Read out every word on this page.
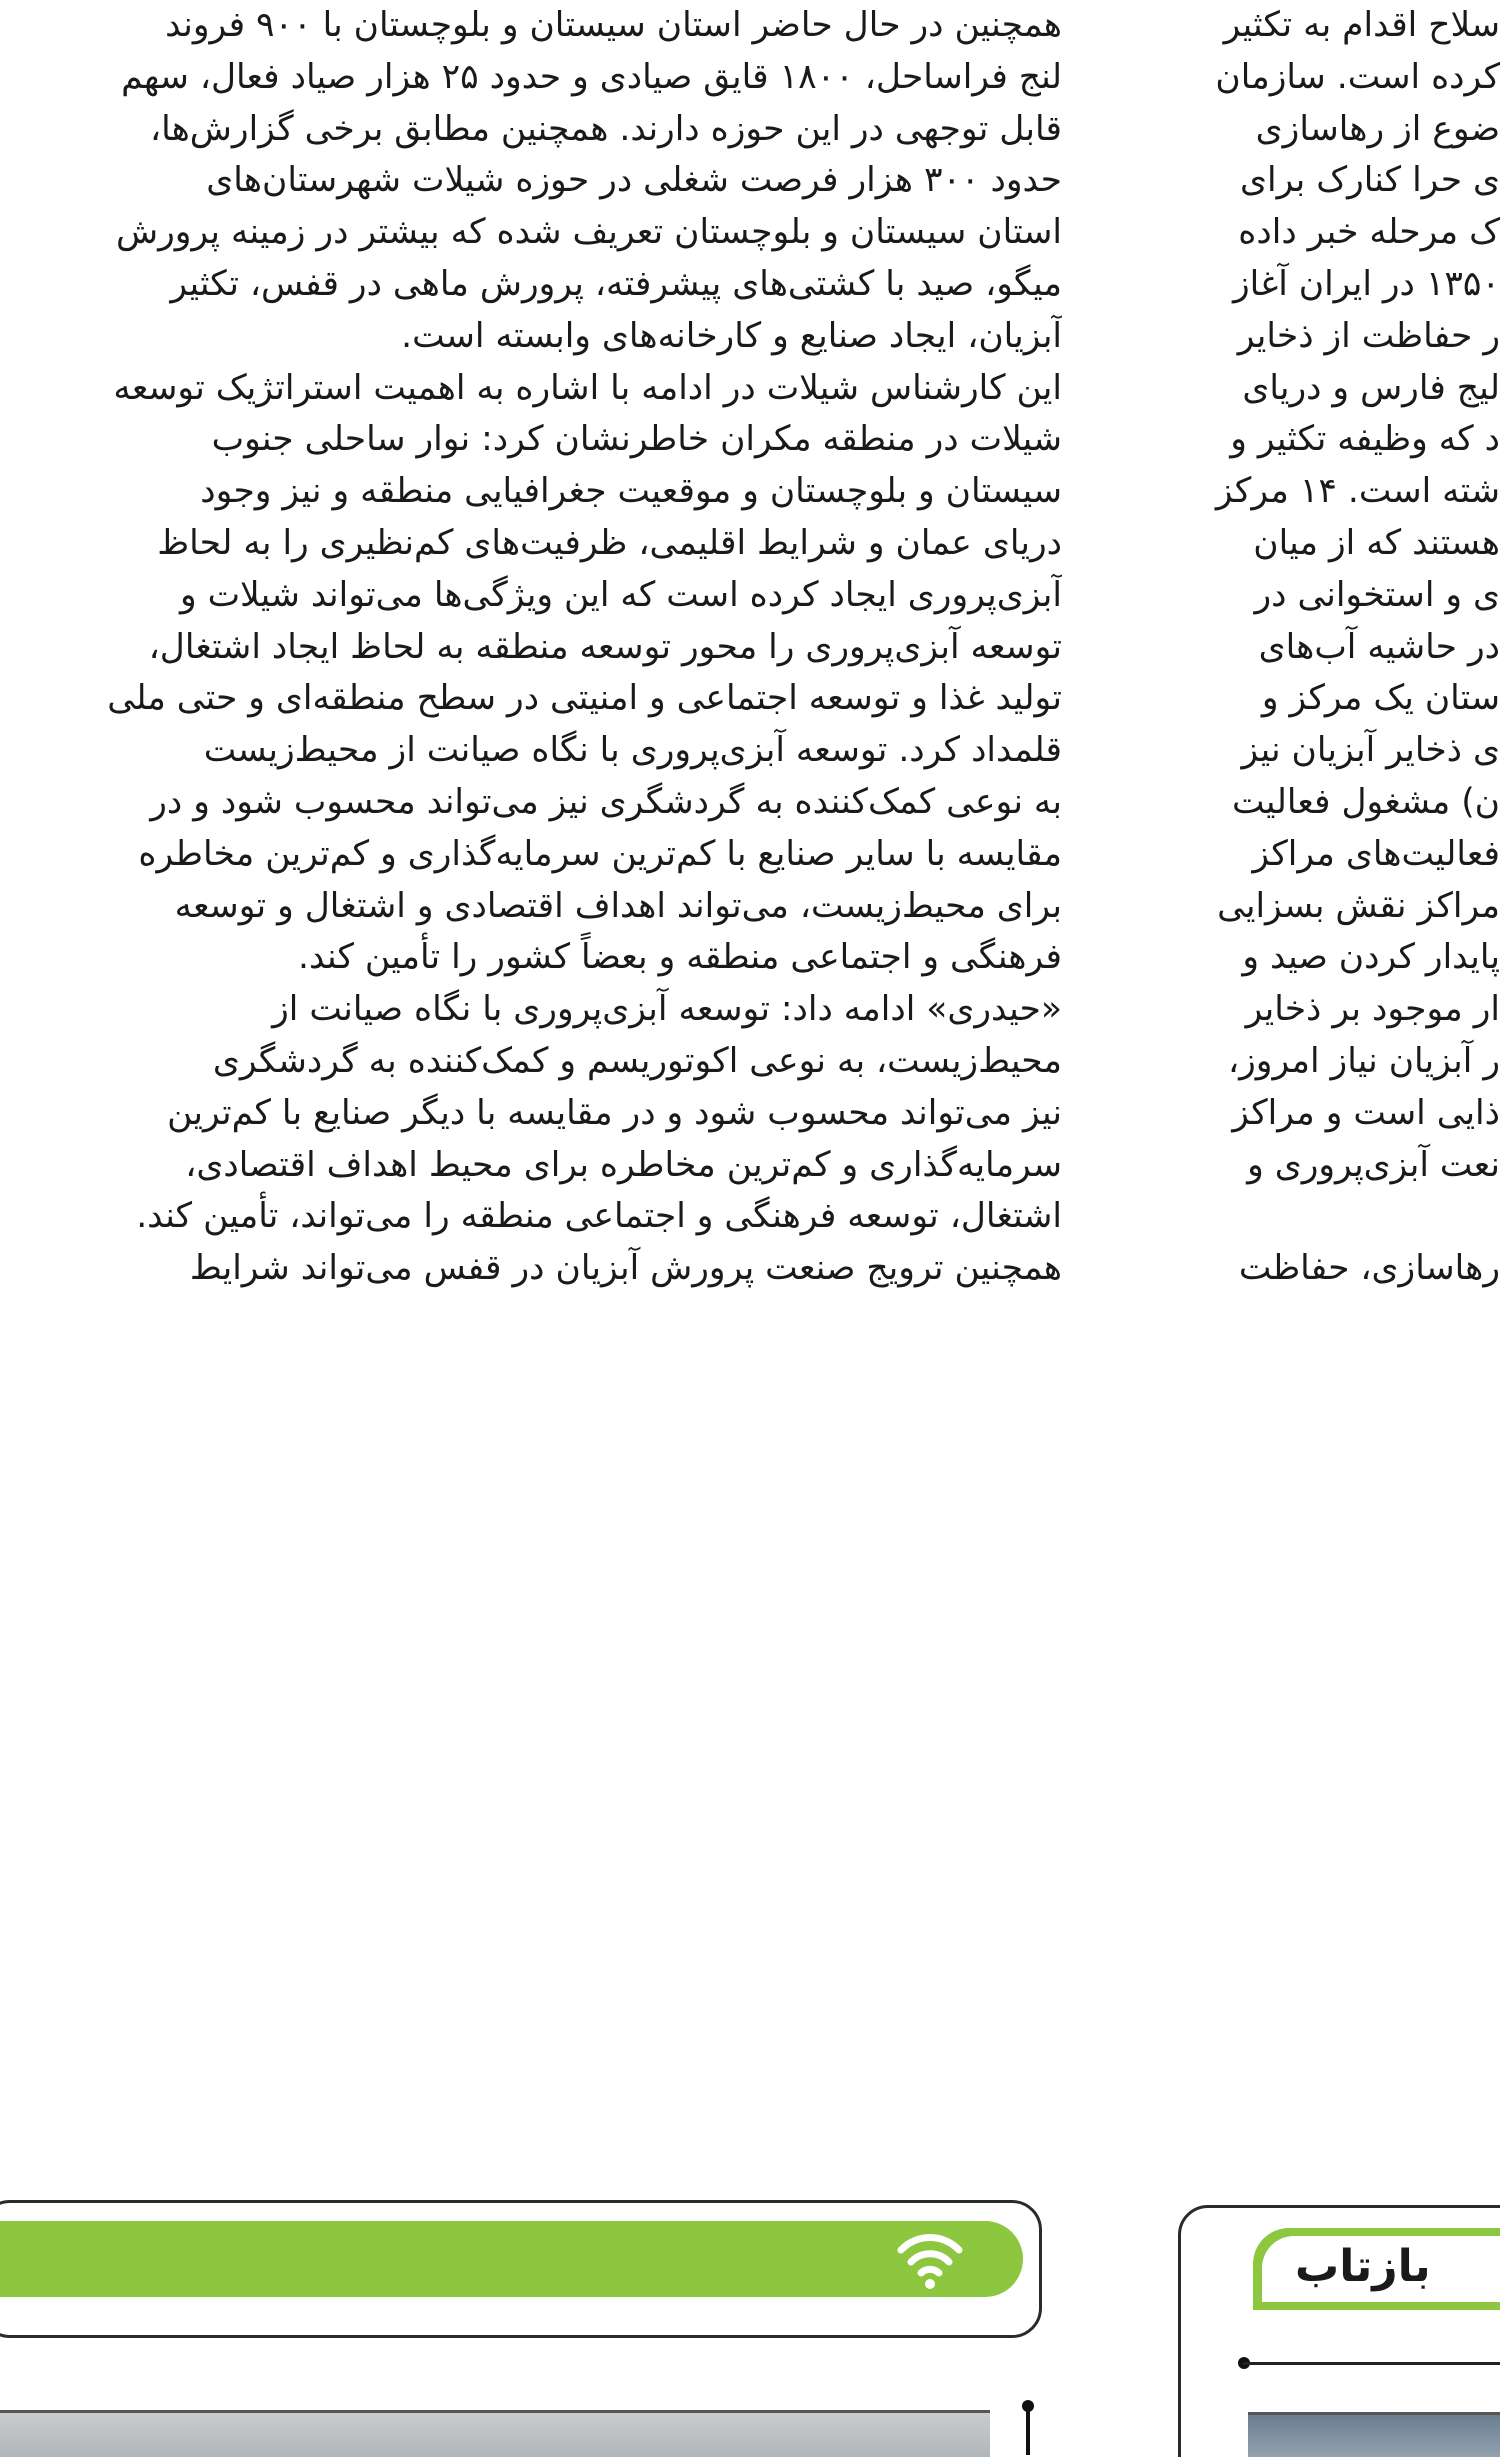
همچنین در حال حاضر استان سیستان و بلوچستان با ۹۰۰ فروند
لنج فراساحل، ۱۸۰۰ قایق صیادی و حدود ۲۵ هزار صیاد فعال، سهم
قابل توجهی در این حوزه دارند. همچنین مطابق برخی گزارش‌ها،
حدود ۳۰۰ هزار فرصت شغلی در حوزه شیلات شهرستان‌های
استان سیستان و بلوچستان تعریف شده که بیشتر در زمینه پرورش
میگو، صید با کشتی‌های پیشرفته، پرورش ماهی در قفس، تکثیر
آبزیان، ایجاد صنایع و کارخانه‌های وابسته است.
این کارشناس شیلات در ادامه با اشاره به اهمیت استراتژیک توسعه
شیلات در منطقه مکران خاطرنشان کرد: نوار ساحلی جنوب
سیستان و بلوچستان و موقعیت جغرافیایی منطقه و نیز وجود
دریای عمان و شرایط اقلیمی، ظرفیت‌های کم‌نظیری را به لحاظ
آبزی‌پروری ایجاد کرده است که این ویژگی‌ها می‌تواند شیلات و
توسعه آبزی‌پروری را محور توسعه منطقه به لحاظ ایجاد اشتغال،
تولید غذا و توسعه اجتماعی و امنیتی در سطح منطقه‌ای و حتی ملی
قلمداد کرد. توسعه آبزی‌پروری با نگاه صیانت از محیط‌زیست
به نوعی کمک‌کننده به گردشگری نیز می‌تواند محسوب شود و در
مقایسه با سایر صنایع با کم‌ترین سرمایه‌گذاری و کم‌ترین مخاطره
برای محیط‌زیست، می‌تواند اهداف اقتصادی و اشتغال و توسعه
فرهنگی و اجتماعی منطقه و بعضاً کشور را تأمین کند.
«حیدری» ادامه داد: توسعه آبزی‌پروری با نگاه صیانت از
محیط‌زیست، به نوعی اکوتوریسم و کمک‌کننده به گردشگری
نیز می‌تواند محسوب شود و در مقایسه با دیگر صنایع با کم‌ترین
سرمایه‌گذاری و کم‌ترین مخاطره برای محیط اهداف اقتصادی،
اشتغال، توسعه فرهنگی و اجتماعی منطقه را می‌تواند، تأمین کند.
همچنین ترویج صنعت پرورش آبزیان در قفس می‌تواند شرایط
سلاح اقدام به تکثیر
کرده است. سازمان
ضوع از رهاسازی
ی حرا کنارک برای
ک مرحله خبر داده
۱۳۵۰ در ایران آغاز
ر حفاظت از ذخایر
لیج فارس و دریای
د که وظیفه تکثیر و
شته است. ۱۴ مرکز
هستند که از میان
ی و استخوانی در
در حاشیه آب‌های
ستان یک مرکز و
ی ذخایر آبزیان نیز
ن) مشغول فعالیت
فعالیت‌های مراکز
مراکز نقش بسزایی
پایدار کردن صید و
ار موجود بر ذخایر
ر آبزیان نیاز امروز،
ذایی است و مراکز
نعت آبزی‌پروری و
رهاسازی، حفاظت
بازتاب
